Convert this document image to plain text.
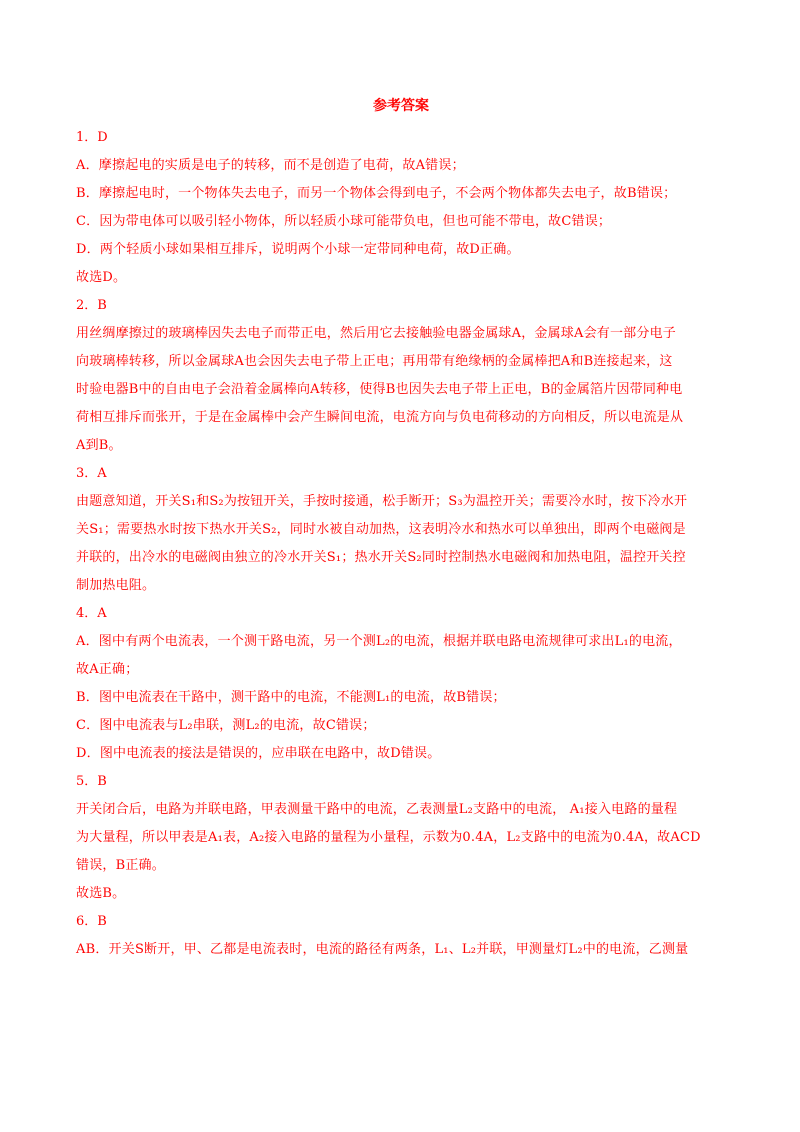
参考答案
1．D
A．摩擦起电的实质是电子的转移，而不是创造了电荷，故A错误；
B．摩擦起电时，一个物体失去电子，而另一个物体会得到电子，不会两个物体都失去电子，故B错误；
C．因为带电体可以吸引轻小物体，所以轻质小球可能带负电，但也可能不带电，故C错误；
D．两个轻质小球如果相互排斥，说明两个小球一定带同种电荷，故D正确。
故选D。
2．B
用丝绸摩擦过的玻璃棒因失去电子而带正电，然后用它去接触验电器金属球A，金属球A会有一部分电子
向玻璃棒转移，所以金属球A也会因失去电子带上正电；再用带有绝缘柄的金属棒把A和B连接起来，这
时验电器B中的自由电子会沿着金属棒向A转移，使得B也因失去电子带上正电，B的金属箔片因带同种电
荷相互排斥而张开，于是在金属棒中会产生瞬间电流，电流方向与负电荷移动的方向相反，所以电流是从
A到B。
3．A
由题意知道，开关S₁和S₂为按钮开关，手按时接通，松手断开；S₃为温控开关；需要冷水时，按下冷水开
关S₁；需要热水时按下热水开关S₂，同时水被自动加热，这表明冷水和热水可以单独出，即两个电磁阀是
并联的，出冷水的电磁阀由独立的冷水开关S₁；热水开关S₂同时控制热水电磁阀和加热电阻，温控开关控
制加热电阻。
4．A
A．图中有两个电流表，一个测干路电流，另一个测L₂的电流，根据并联电路电流规律可求出L₁的电流，
故A正确；
B．图中电流表在干路中，测干路中的电流，不能测L₁的电流，故B错误；
C．图中电流表与L₂串联，测L₂的电流，故C错误；
D．图中电流表的接法是错误的，应串联在电路中，故D错误。
5．B
开关闭合后，电路为并联电路，甲表测量干路中的电流，乙表测量L₂支路中的电流， A₁接入电路的量程
为大量程，所以甲表是A₁表，A₂接入电路的量程为小量程，示数为0.4A，L₂支路中的电流为0.4A，故ACD
错误，B正确。
故选B。
6．B
AB．开关S断开，甲、乙都是电流表时，电流的路径有两条，L₁、L₂并联，甲测量灯L₂中的电流，乙测量
